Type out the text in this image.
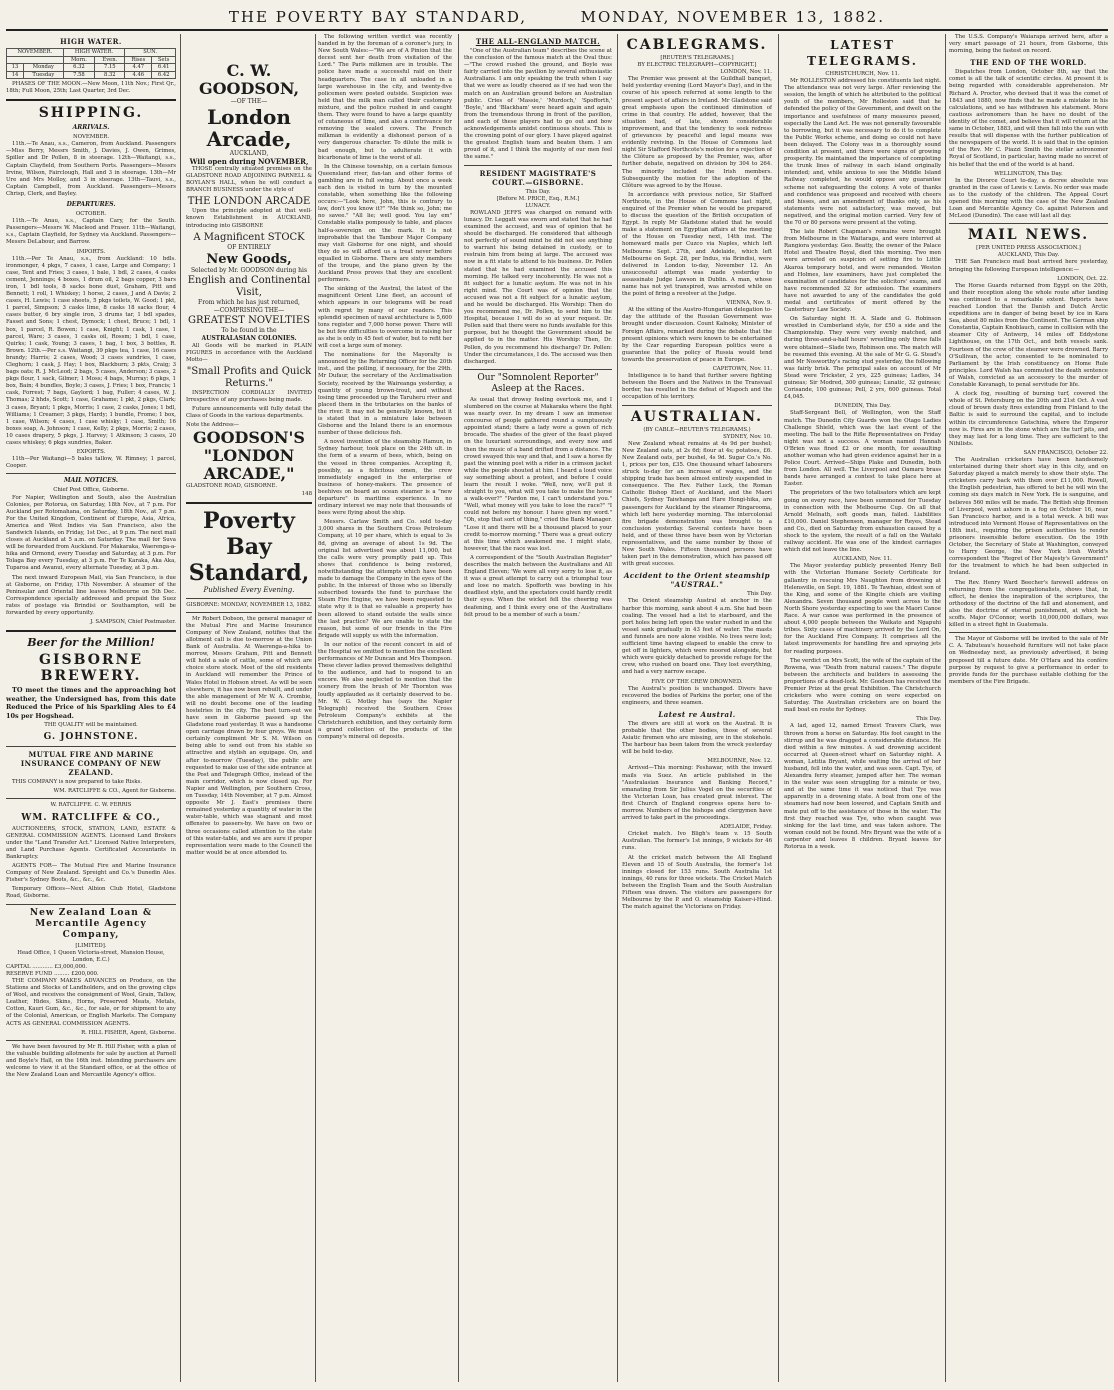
THE POVERTY BAY STANDARD,	MONDAY, NOVEMBER 13, 1882.
HIGH WATER.
NOVEMBER.		HIGH WATER.		SUN.	
		Morn.	Even.	Rises	Sets
13	Monday	6.32	7.15	4.47	6.41
14	Tuesday	7.58	8.32	4.46	6.42

PHASES OF THE MOON.—New Moon, 11th Nov.; First Qr., 18th; Full Moon, 25th; Last Quarter, 3rd Dec.

SHIPPING.
ARRIVALS.
NOVEMBER.

11th.—Te Anau, s.s., Cameron, from Auckland. Passengers—Miss Berry, Messrs Smith, J. Davies, J. Owen, Grimes, Spiller and Dr Pollen, 8 in steerage. 12th—Waitangi, s.s., Captain Clayfield, from Southern Ports. Passengers—Messrs Irvine, Wilson, Fairclough, Hall and 3 in steerage. 13th—Mr Ure and Mrs Molloy, and 3 in steerage. 13th—Tauvi, s.s., Captain Campbell, from Auckland. Passengers—Messrs Chrisp, Clerk, and Bayley.

DEPARTURES.
OCTOBER.

11th.—Te Anau, s.s., Captain Cary, for the South. Passengers—Messrs W. Macleod and Fraser. 11th—Waitangi, s.s., Captain Clayfield, for Sydney via Auckland. Passengers—Messrs DeLabour, and Barrow.

IMPORTS.

11th.—Per Te Anau, s.s., from Auckland: 10 bdls. ironmonger, 4 pkgs, 7 cases, 1 case, Large and Company; 1 case, Tent and Fries; 3 cases, 1 bale, 1 bdl, 2 cases, 4 casks cement, Jennings; 4 boxes, 1 drum oil, 2 bags copper, 3 bars iron, 1 bdl tools, 8 sacks bone dust, Graham, Pitt and Bennett; 1 roll, 1 Whiskey; 1 horse, 2 cases, J and A Davis; 2 cases, H. Lewis; 1 case sheets, 5 pkgs toilets, W. Good; 1 pkt, 1 parcel, Simpson; 3 casks lime, 8 casks 18 sacks flour, 4 cases butter, 6 bry single iron, 3 drums tar, 1 bdl spades, Fasset and Sons; 1 chest, Dymock; 1 chest, Bruce; 1 bdl, 1 box, 1 parcel, R. Bowen; 1 case, Knight; 1 cask, 1 case, 1 parcel, Ware; 3 cases, 1 casks oil, Rossm; 1 bdl, 1 case, Quirks; 1 cask, Young; 3 cases, 1 bag, 1 box, 3 bottles, R. Brown. 12th.—Per s.s. Waitangi, 39 pkgs tea, 1 case, 16 cases brandy; Harris; 2 cases, Wood; 3 cases sundries, 1 case, Cleghorn; 1 cask, J. Hay; 1 box, Blackburn; 3 pkts, Craig; 3 bags oats; R. J. McLeod; 2 bags, 5 cases, Anderson; 3 cases, 2 pkgs flour, 1 sack, Gilmer; 1 Moss; 4 bags, Murray; 6 pkgs, 1 box, Bain; 4 bundles, Boyle; 3 cases, J. Fries; 1 box, Francis; 1 cask, Forrest; 7 bags, Gaylord; 1 bag, Fuller; 4 cases, W. J. Thomas; 2 hhds, Scott; 1 case, Grahame; 1 pkt, 2 pkgs, Clark; 3 cases, Bryant; 1 pkgs, Morris; 1 case, 2 casks, Jones; 1 bdl, Williams; 1 Creamer; 3 pkgs, Hardy; 1 bundle, Frome; 1 box, 1 case, Wilson; 4 cases, 1 case whisky; 1 case, Smith; 16 boxes soap, A. Johnson; 1 case, Kelly; 2 pkgs, Morris; 2 cases, 10 cases drapery, 5 pkgs, J. Harvey; 1 Atkinson; 3 cases, 20 cases whiskey; 6 pkgs sundries, Baker.

EXPORTS.

11th—Per Waitangi—5 bales tallow, W. Rimney; 1 parcel, Cooper.

MAIL NOTICES.
Chief Post Office, Gisborne.

For Napier, Wellington and South, also the Australian Colonies, per Rotorua, on Saturday, 18th Nov., at 7 p.m. For Auckland per Rotomahana, on Saturday, 18th Nov., at 7 p.m. For the United Kingdom, Continent of Europe, Asia, Africa, America and West Indies via San Francisco, also the Sandwich Islands, on Friday, 1st Dec., at 9 p.m. The next mail closes at Auckland at 5 a.m. on Saturday. The mail for Suva will be forwarded from Auckland. For Makaraka, Waerenga-a-hika and Ormond, every Tuesday and Saturday, at 3 p.m. For Tolaga Bay every Tuesday, at 3 p.m. For Te Karaka, Aka Aka, Tuparoa and Awanui, every alternate Tuesday, at 3 p.m.

The next inward European Mail, via San Francisco, is due at Gisborne, on Friday, 17th November. A steamer of the Peninsular and Oriental line leaves Melbourne on 5th Dec. Correspondence specially addressed and prepaid the Suez rates of postage via Brindisi or Southampton, will be forwarded by every opportunity.

J. SAMPSON, Chief Postmaster.
Beer for the Million!
GISBORNE BREWERY.

TO meet the times and the approaching hot weather, the Undersigned has, from this date Reduced the Price of his Sparkling Ales to £4 10s per Hogshead.

THE QUALITY will be maintained.
G. JOHNSTONE.
MUTUAL FIRE AND MARINE INSURANCE COMPANY OF NEW ZEALAND.

THIS COMPANY is now prepared to take Risks.

WM. RATCLIFFE & CO., Agent for Gisborne.
W. RATCLIFFE. C. W. FERRIS
WM. RATCLIFFE & CO.,

AUCTIONEERS, STOCK, STATION, LAND, ESTATE & GENERAL COMMISSION AGENTS. Licensed Land Brokers under the "Land Transfer Act." Licensed Native Interpreters, and Land Purchase Agents. Certificated Accountants in Bankruptcy.

AGENTS FOR— The Mutual Fire and Marine Insurance Company of New Zealand. Spreight and Co.'s Dunedin Ales. Fisher's Sydney Boots, &c., &c., &c.

Temporary Offices—Next Albion Club Hotel, Gladstone Road, Gisborne.

New Zealand Loan & Mercantile Agency Company,
[LIMITED].
Head Office, 1 Queen Victoria-street, Mansion House, London, E.C.)
CAPITAL ............ £3,000,000.
RESERVE FUND ......... £200,000.

THE COMPANY MAKES ADVANCES on Produce, on the Stations and Stocks of Landholders, and on the growing clips of Wool, and receives the consignment of Wool, Grain, Tallow, Leather, Hides, Skins, Horns, Preserved Meats, Metals, Cotton, Kauri Gum, &c., &c., for sale, or for shipment to any of the Colonial, American, or English Markets. The Company ACTS AS GENERAL COMMISSION AGENTS.

R. HILL FISHER, Agent, Gisborne.

We have been favoured by Mr R. Hill Fisher, with a plan of the valuable building allotments for sale by auction at Parnell and Boyle's Hall, on the 16th inst. Intending purchasers are welcome to view it at the Standard office, or at the office of the New Zealand Loan and Mercantile Agency's office.

C. W. GOODSON,
—OF THE—
London Arcade,
AUCKLAND,
Will open during NOVEMBER,

THOSE centrally situated premises on the GLADSTONE ROAD ADJOINING PARNELL & BOYLAN'S HALL, when he will conduct a BRANCH BUSINESS under the style of

THE LONDON ARCADE

Upon the principle adopted at that well-known Establishment in AUCKLAND, introducing into GISBORNE

A Magnificent STOCK
OF ENTIRELY
New Goods,
Selected by Mr. GOODSON during his
English and Continental Visit,
From which he has just returned,
—COMPRISING THE—
GREATEST NOVELTIES
To be found in the
AUSTRALASIAN COLONIES.

All Goods will be marked in PLAIN FIGURES in accordance with the Auckland Motto—

"Small Profits and Quick Returns."

INSPECTION CORDIALLY INVITED Irrespective of any purchases being made.

Future announcements will fully detail the Class of Goods in the various departments.

Note the Address—
GOODSON'S
"LONDON
ARCADE,"
GLADSTONE ROAD, GISBORNE.
148
Poverty Bay Standard,
Published Every Evening.
GISBORNE: MONDAY, NOVEMBER 13, 1882.

Mr Robert Dobson, the general manager of the Mutual Fire and Marine Insurance Company of New Zealand, notifies that the allotment call is due to-morrow at the Union Bank of Australia. At Waerenga-a-hika to-morrow, Messrs Graham, Pitt and Bennett will hold a sale of cattle, some of which are choice store stock. Most of the old residents in Auckland will remember the Prince of Wales Hotel in Hobson street. As will be seen elsewhere, it has now been rebuilt, and under the able management of Mr W. A. Crombie, will no doubt become one of the leading hostelries in the city. The best turn-out we have seen in Gisborne passed up the Gladstone road yesterday. It was a handsome open carriage drawn by four greys. We must certainly compliment Mr S. M. Wilson on being able to send out from his stable so attractive and stylish an equipage. On, and after to-morrow (Tuesday), the public are requested to make use of the side entrance at the Post and Telegraph Office, instead of the main corridor, which is now closed up. For Napier and Wellington, per Southern Cross, on Tuesday, 14th November, at 7 p.m. Almost opposite Mr J. East's premises there remained yesterday a quantity of water in the water-table, which was stagnant and most offensive to passers-by. We have on two or three occasions called attention to the state of this water-table, and we are sure if proper representation were made to the Council the matter would be at once attended to.

The following written verdict was recently handed in by the foreman of a coroner's jury, in New South Wales:—"We are of A Pinion that the decest sent her death from visitation of the Lord." The Paris milkmen are in trouble. The police have made a successful raid on their headquarters. The case in all unloaded in a large warehouse in the city, and twenty-five policemen were posted outside. Suspicion was held that the milk man called their customary mixture, and the police rushed in and caught them. They were found to have a large quantity of cutaneous of lime, and also a contrivance for removing the sealed covers. The French milkman is evidently a dishonest person of a very dangerous character. To dilute the milk is bad enough, but to adulterate it with bicarbonate of lime is the worst of all.

In the Chinese township, on a certain famous Queensland river, fan-tan and other forms of gambling are in full swing. About once a week each den is visited in turn by the mounted constable, when something like the following occurs:—"Look here, John, this is contrary to law, don't you know it?" "Me think so, John; me no savee." "All lie; well good. You lay em" Constable stalks pompously to table, and places half-a-sovereign on the mark. It is not improbable that the Tambour Major Company may visit Gisborne for one night, and should they do so will afford us a treat never before equalled in Gisborne. There are sixty members of the troupe, and the piano given by the Auckland Press proves that they are excellent performers.

The sinking of the Austral, the latest of the magnificent Orient Line fleet, an account of which appears in our telegrams will be read with regret by many of our readers. This splendid specimen of naval architecture is 5,600 tons register and 7,000 horse power. There will be but few difficulties to overcome in raising her as she is only in 45 feet of water, but to refit her will cost a large sum of money.

The nominations for the Mayoralty is announced by the Returning Officer for the 20th inst., and the polling, if necessary, for the 29th. Mr Dufaur, the secretary of the Acclimatisation Society, received by the Waireanga yesterday, a quantity of young brown-trout, and without losing time proceeded up the Taruheru river and placed them in the tributaries on the banks of the river. It may not be generally known, but it is stated that in a miniature lake between Gisborne and the Inland there is an enormous number of these delicious fish.

A novel invention of the steamship Hamun, in Sydney harbour, took place on the 24th ult. in the form of a swarm of bees, which, being on the vessel in three companies. Accepting it, possibly, as a felicitous omen, the crew immediately engaged in the enterprise of business of honey-makers. The presence of beehives on board an ocean steamer is a "new departure" in maritime experience. In no ordinary interest we may note that thousands of bees were flying about the ship.

Messrs. Carlaw Smith and Co. sold to-day 3,000 shares in the Southern Cross Petroleum Company, at 10 per share, which is equal to 3s 8d, giving an average of about 1s 9d. The original list advertised was about 11,000, but the calls were very promptly paid up. This shows that confidence is being restored, notwithstanding the attempts which have been made to damage the Company in the eyes of the public. In the interest of those who so liberally subscribed towards the fund to purchase the Steam Fire Engine, we have been requested to state why it is that so valuable a property has been allowed to stand outside the walls since the last practice? We are unable to state the reason, but some of our friends in the Fire Brigade will supply us with the information.

In our notice of the recent concert in aid of the Hospital we omitted to mention the excellent performances of Mr Duncan and Mrs Thompson. These clever ladies proved themselves delightful to the audience, and had to respond to an encore. We also neglected to mention that the scenery from the brush of Mr Thornton was loudly applauded as it certainly deserved to be. Mr. W. G. Motley has (says the Napier Telegraph) received the Southern Cross Petroleum Company's exhibits at the Christchurch exhibition, and they certainly form a grand collection of the products of the company's mineral oil deposits.

THE ALL-ENGLAND MATCH.

"One of the Australian team" describes the scene at the conclusion of the famous match at the Oval thus:—"The crowd rushed the ground, and Boyle was fairly carried into the pavilion by several enthusiastic Australians. I am only speaking the truth when I say that we were as loudly cheered as if we had won the match on an Australian ground before an Australian public. Cries of 'Massie,' 'Murdoch,' 'Spofforth,' 'Boyle,' and 'Blackham' were heard again and again from the tremendous throng in front of the pavilion, and each of these players had to go out and bow acknowledgements amidst continuous shouts. This is the crowning point of our glory. I have played against the greatest English team and beaten them. I am proud of it, and I think the majority of our men feel the same."

RESIDENT MAGISTRATE'S COURT.—GISBORNE.
This Day.
[Before M. PRICE, Esq., R.M.]
LUNACY.

ROWLAND JEFFS was charged on remand with lunacy. Dr. Leggatt was sworn and stated that he had examined the accused, and was of opinion that he should be discharged. He considered that although not perfectly of sound mind he did not see anything to warrant his being detained in custody, or to restrain him from being at large. The accused was now in a fit state to attend to his business. Dr. Pollen stated that he had examined the accused this morning. He talked very incoherently. He was not a fit subject for a lunatic asylum. He was not in his right mind. The Court was of opinion that the accused was not a fit subject for a lunatic asylum, and he would be discharged. His Worship: Then do you recommend me, Dr. Pollen, to send him to the Hospital, because I will do so at your request. Dr. Pollen said that there were no funds available for this purpose, but he thought the Government should be applied to in the matter. His Worship: Then, Dr. Pollen, do you recommend his discharge? Dr. Pollen: Under the circumstances, I do. The accused was then discharged.

Our "Somnolent Reporter" Asleep at the Races.

As usual that drowsy feeling overtook me, and I slumbered on the course at Makaraka where the fight was nearly over. In my dream I saw an immense concourse of people gathered round a sumptuously appointed stand; there a lady wore a gown of rich brocade. The shades of the giver of the feast played on the luxuriant surroundings, and every now and then the music of a band drifted from a distance. The crowd swayed this way and that, and I saw a horse fly past the winning post with a rider in a crimson jacket while the people shouted at him. I heard a loud voice say something about a protest, and before I could learn the result I woke. "Well, now, we'll put it straight to you, what will you take to make the horse a walk-over?" "Pardon me, I can't understand you." "Well, what money will you take to lose the race?" "I could not before my honour. I have given my word." "Oh, stop that sort of thing," cried the Bank Manager. "Lose it and there will be a thousand placed to your credit to-morrow morning." There was a great outcry at this time which awakened me. I might state, however, that the race was lost.

A correspondent of the "South Australian Register" describes the match between the Australians and All England Eleven; 'We were all very sorry to lose it, as it was a great attempt to carry out a triumphal tour and lose no match. Spofforth was bowling in his deadliest style, and the spectators could hardly credit their eyes. When the wicket fell the cheering was deafening, and I think every one of the Australians felt proud to be a member of such a team.'

CABLEGRAMS.
[REUTER'S TELEGRAMS.]
BY ELECTRIC TELEGRAPH—COPYRIGHT.]
LONDON, Nov. 11.

The Premier was present at the Guildhall banquet, held yesterday evening (Lord Mayor's Day), and in the course of his speech referred at some length to the present aspect of affairs in Ireland. Mr Gladstone said great emphasis upon the continued diminution of crime in that country. He added, however, that the situation had, of late, shown considerable improvement, and that the tendency to seek redress of grievances by peaceful and legal means was evidently reviving. In the House of Commons last night Sir Stafford Northcote's motion for a rejection of the Clôture as proposed by the Premier, was, after further debate, negatived on division by 304 to 264. The minority included the Irish members. Subsequently the motion for the adoption of the Clôture was agreed to by the House.

In accordance with previous notice, Sir Stafford Northcote, in the House of Commons last night, enquired of the Premier when he would be prepared to discuss the question of the British occupation of Egypt. In reply Mr Gladstone stated that he would make a statement on Egyptian affairs at the meeting of the House on Tuesday next, 14th inst. The homeward mails per Cuzco via Naples, which left Melbourne Sept. 27th, and Adelaide, which left Melbourne on Sept. 28, per Indus, via Brindisi, were delivered in London to-day, November 12. An unsuccessful attempt was made yesterday to assassinate Judge Lawson in Dublin. A man, whose name has not yet transpired, was arrested while on the point of firing a revolver at the Judge.

VIENNA, Nov. 9.

At the sitting of the Austro-Hungarian delegation to-day the attitude of the Russian Government was brought under discussion. Count Kalnoky, Minister of Foreign Affairs, remarked during the debate that the present opinions which were known to be entertained by the Czar regarding European politics were a guarantee that the policy of Russia would tend towards the preservation of peace in Europe.

CAPETOWN, Nov. 11.

Intelligence is to hand that further severe fighting between the Boers and the Natives in the Transvaal border, has resulted in the defeat of Mapoch and the occupation of his territory.

AUSTRALIAN.
(BY CABLE—REUTER'S TELEGRAMS.)
SYDNEY, Nov. 10.

New Zealand wheat remains at 4s 9d per bushel; New Zealand oats, at 2s 6d; flour at 4s; potatoes, £6. New Zealand oats, per bushel, 4s 9d. Sugar Co.'s No. 1, prices per ton, £35. One thousand wharf labourers struck to-day for an increase of wages, and the shipping trade has been almost entirely suspended in consequence. The Rev. Father Luck, the Roman Catholic Bishop Elect of Auckland, and the Maori Chiefs, Sydney Taiwhanga and Hare Hongi-hika, are passengers for Auckland by the steamer Ringarooma, which left here yesterday morning. The intercolonial fire brigade demonstration was brought to a conclusion yesterday. Several contests have been held, and of these three have been won by Victorian representatives, and the same number by those of New South Wales. Fifteen thousand persons have taken part in the demonstration, which has passed off with great success.

Accident to the Orient steamship "AUSTRAL."
This Day.

The Orient steamship Austral at anchor in the harbor this morning, sank about 4 a.m. She had been coaling. The vessel had a list to starboard, and the port holes being left open the water rushed in and the vessel sank gradually in 43 feet of water. The masts and funnels are now alone visible. No lives were lost; sufficient time having elapsed to enable the crew to get off in lighters, which were moored alongside, but which were quickly detached to provide refuge for the crew, who rushed on board one. They lost everything, and had a very narrow escape.

FIVE OF THE CREW DROWNED.

The Austral's position is unchanged. Divers have recovered the bodies of Parkins the porter, one of the engineers, and three seamen.

Latest re Austral.

The divers are still at work on the Austral. It is probable that the other bodies, those of several Asiatic firemen who are missing, are in the stokehole. The harbour has been taken from the wreck yesterday will be held to-day.

MELBOURNE, Nov. 12.

Arrived—This morning: Feshawar, with the inward mails via Suez. An article published in the "Australasian Insurance and Banking Record," emanating from Sir Julius Vogel on the securities of the Victorian Loan, has created great interest. The first Church of England congress opens here to-morrow. Numbers of the bishops and clergymen have arrived to take part in the proceedings.

ADELAIDE, Friday.

Cricket match. Ivo Bligh's team v. 15 South Australian. The former's 1st innings, 9 wickets for 46 runs.

At the cricket match between the All England Eleven and 15 of South Australia, the former's 1st innings closed for 153 runs. South Australia 1st innings, 40 runs for three wickets. The Cricket Match between the English Team and the South Australian Fifteen was drawn. The visitors are passengers for Melbourne by the P. and O. steamship Kaiser-i-Hind. The match against the Victorians on Friday.

LATEST TELEGRAMS.
CHRISTCHURCH, Nov. 11.

Mr ROLLESTON addressed his constituents last night. The attendance was not very large. After reviewing the session, the length of which he attributed to the political youth of the members, Mr Rolleston said that he defended the policy of the Government, and dwelt on the importance and usefulness of many measures passed, especially the Land Act. He was not generally favourable to borrowing, but it was necessary to do it to complete the Public Works scheme, and doing so could not have been delayed. The Colony was in a thoroughly sound condition at present, and there were signs of growing prosperity. He maintained the importance of completing the trunk lines of railway in each island originally intended; and, while anxious to see the Middle Island Railway completed, he would oppose any guarantee scheme not safeguarding the colony. A vote of thanks and confidence was proposed and received with cheers and hisses, and an amendment of thanks only, as his statements were not satisfactory, was moved, but negatived, and the original motion carried. Very few of the 70 or 80 persons were present at the voting.

The late Robert Chapman's remains were brought from Melbourne in the Waitaraga, and were interred at Rangiora yesterday. Geo. Beatty, the owner of the Palace Hotel and Theatre Royal, died this morning. Two men were arrested on suspicion of setting fire to Little Akaroa temporary hotel, and were remanded. Weston and Holmes, law examiners, have just completed the examination of candidates for the solicitors' exams, and have recommended 32 for admission. The examiners have not awarded to any of the candidates the gold medal and certificates of merit offered by the Canterbury Law Society.

On Saturday night H. A. Slade and G. Robinson wrestled in Cumberland style, for £50 a side and the Championship. They were very evenly matched, and during three-and-a-half hours' wrestling only three falls were obtained—Slade two, Robinson one. The match will be resumed this evening. At the sale of Mr G. G. Stead's and Mr Nosworthy's racing stud yesterday, the following was fairly brisk. The principal sales on account of Mr Stead were Trickster, 2 yrs, 225 guineas; Ladies, 34 guineas; Sir Modred, 300 guineas; Lunatic, 32 guineas; Corisande, 100 guineas; Pell, 2 yrs, 600 guineas. Total £4,045.

DUNEDIN, This Day.

Staff-Sergeant Bell, of Wellington, won the Staff match. The Dunedin City Guards won the Otago Ladies Challenge Shield, which was the last event of the meeting. The ball to the Rifle Representatives on Friday night was not a success. A woman named Hannah O'Brien was fined £2 or one month, for assaulting another woman who had given evidence against her in a Police Court. Arrived—Ships Plake and Dunedin, both from London. All well. The Liverpool and Oamaru brass bands have arranged a contest to take place here at Easter.

The proprietors of the two totalisators which are kept going on every race, have been summoned for Tuesday in connection with the Melbourne Cup. On all that Arnold Melnath, soft goods man, failed. Liabilities £10,000. Daniel Stephenson, manager for Reyes, Stead and Co., died on Saturday from exhaustion caused by a shock to the system, the result of a fall on the Waitaki railway accident. He was one of the kindest carriages which did not leave the line.

AUCKLAND, Nov. 11.

The Mayor yesterday publicly presented Henry Bell with the Victorian Humane Society Certificate for gallantry in rescuing Mrs Naughton from drowning at Helensville, on Sept. 19, 1881. Te Tawhiao, eldest son of the King, and some of the Kingite chiefs are visiting Alexandra. Seven thousand people went across to the North Shore yesterday expecting to see the Maori Canoe Race. A war canoe was performed in the presence of about 4,000 people between the Waikato and Ngapuhi tribes. Sixty cases of machinery arrived by the Lord On, for the Auckland Fire Company. It comprises all the latest improvements for handling fire and spraying jets for reading purposes.

The verdict on Mrs Scott, the wife of the captain of the Rowena, was "Death from natural causes." The dispute between the architects and builders in assessing the proportions of a dead-lock. Mr. Goodson has received the Premier Prize at the great Exhibition. The Christchurch cricketers who were coming on were expected on Saturday. The Australian cricketers are on board the mail boat en route for Sydney.

This Day.

A lad, aged 12, named Ernest Travers Clark, was thrown from a horse on Saturday. His foot caught in the stirrup and he was dragged a considerable distance. He died within a few minutes. A sad drowning accident occurred at Queen-street wharf on Saturday night. A woman, Letitia Bryant, while waiting the arrival of her husband, fell into the water, and was seen. Capt. Tye, of Alexandra ferry steamer, jumped after her. The woman in the water was seen struggling for a minute or two, and at the same time it was noticed that Tye was apparently in a drowning state. A boat from one of the steamers had now been lowered, and Captain Smith and mate put off to the assistance of those in the water. The first they reached was Tye, who when caught was sinking for the last time, and was taken ashore. The woman could not be found. Mrs Bryant was the wife of a carpenter and leaves 8 children. Bryant leaves for Rotorua in a week.

The U.S.S. Company's Waiarapa arrived here, after a very smart passage of 21 hours, from Gisborne, this morning, being the fastest on record.

THE END OF THE WORLD.

Dispatches from London, October 8th, say that the comet is all the talk of scientific circles. At present it is being regarded with considerable apprehension. Mr Richard A. Proctor, who devised that it was the comet of 1843 and 1880, now finds that he made a mistake in his calculations, and so has withdrawn his statement. More cautious astronomers than he have no doubt of the identity of the comet, and believe that it will return at the same in October, 1883, and will then fall into the sun with results that will dispense with the further publication of the newspapers of the world. It is said that in the opinion of the Rev. Mr C. Piazzi Smith the stellar astronomer Royal of Scotland, in particular, having made no secret of his belief that the end of the world is at hand.

WELLINGTON, This Day.

In the Divorce Court to-day, a decree absolute was granted in the case of Lewis v. Lewis. No order was made as to the custody of the children. The Appeal Court opened this morning with the case of the New Zealand Loan and Mercantile Agency Co. against Paterson and McLeod (Dunedin). The case will last all day.

MAIL NEWS.
[PER UNITED PRESS ASSOCIATION.]
AUCKLAND, This Day.

THE San Francisco mail boat arrived here yesterday, bringing the following European intelligence:—

LONDON, Oct. 22.

The Horse Guards returned from Egypt on the 20th, and their reception along the whole route after landing was continued to a remarkable extent. Reports have reached London that the Danish and Dutch Arctic expeditions are in danger of being beset by ice in Kara Sea, about 80 miles from the Continent. The German ship Constantia, Captain Knoblauch, came in collision with the steamer City of Antwerp, 14 miles off Eddystone Lighthouse, on the 17th Oct., and both vessels sank. Fourteen of the crew of the steamer were drowned. Barry O'Sullivan, the actor, consented to be nominated to Parliament by the Irish constituency on Home Rule principles. Lord Walsh has commuted the death sentence of Walsh, convicted as an accessory to the murder of Constable Kavanagh, to penal servitude for life.

A clock fog, resulting of burning turf, covered the whole of St. Petersburg on the 20th and 21st Oct. A vast cloud of brown dusty fires extending from Finland to the Baltic is said to surround the capital, and to include within its circumference Gatschina, where the Emperor now is. Fires are in the stone which are the turf pits, and they may last for a long time. They are sufficient to the Nihilists.

SAN FRANCISCO, October 22.

The Australian cricketers have been handsomely entertained during their short stay in this city, and on Saturday played a match merely to show their style. The cricketers carry back with them over £11,000. Rowell, the English pedestrian, has offered to bet he will win the coming six days match in New York. He is sanguine, and believes 560 miles will be made. The British ship Bremen of Liverpool, went ashore in a fog on October 16, near San Francisco harbor, and is a total wreck. A bill was introduced into Vermont House of Representatives on the 18th inst., requiring the prison authorities to render prisoners insensible before execution. On the 19th October, the Secretary of State at Washington, conveyed to Harry George, the New York Irish World's correspondent the "Regret of Her Majesty's Government" for the treatment to which he had been subjected in Ireland.

The Rev. Henry Ward Beecher's farewell address on returning from the congregationalists, shows that, in effect, he denies the inspiration of the scriptures, the orthodoxy of the doctrine of the fall and atonement, and also the doctrine of eternal punishment, at which he scoffs. Major O'Connor, worth 10,000,000 dollars, was killed in a street fight in Guatemala.

The Mayor of Gisborne will be invited to the sale of Mr C. A. Tabuteau's household furniture will not take place on Wednesday next, as previously advertised, it being preposed till a future date. Mr O'Hara and his confère purpose by request to give a performance in order to provide funds for the purchase suitable clothing for the members of the Fire Brigade.
